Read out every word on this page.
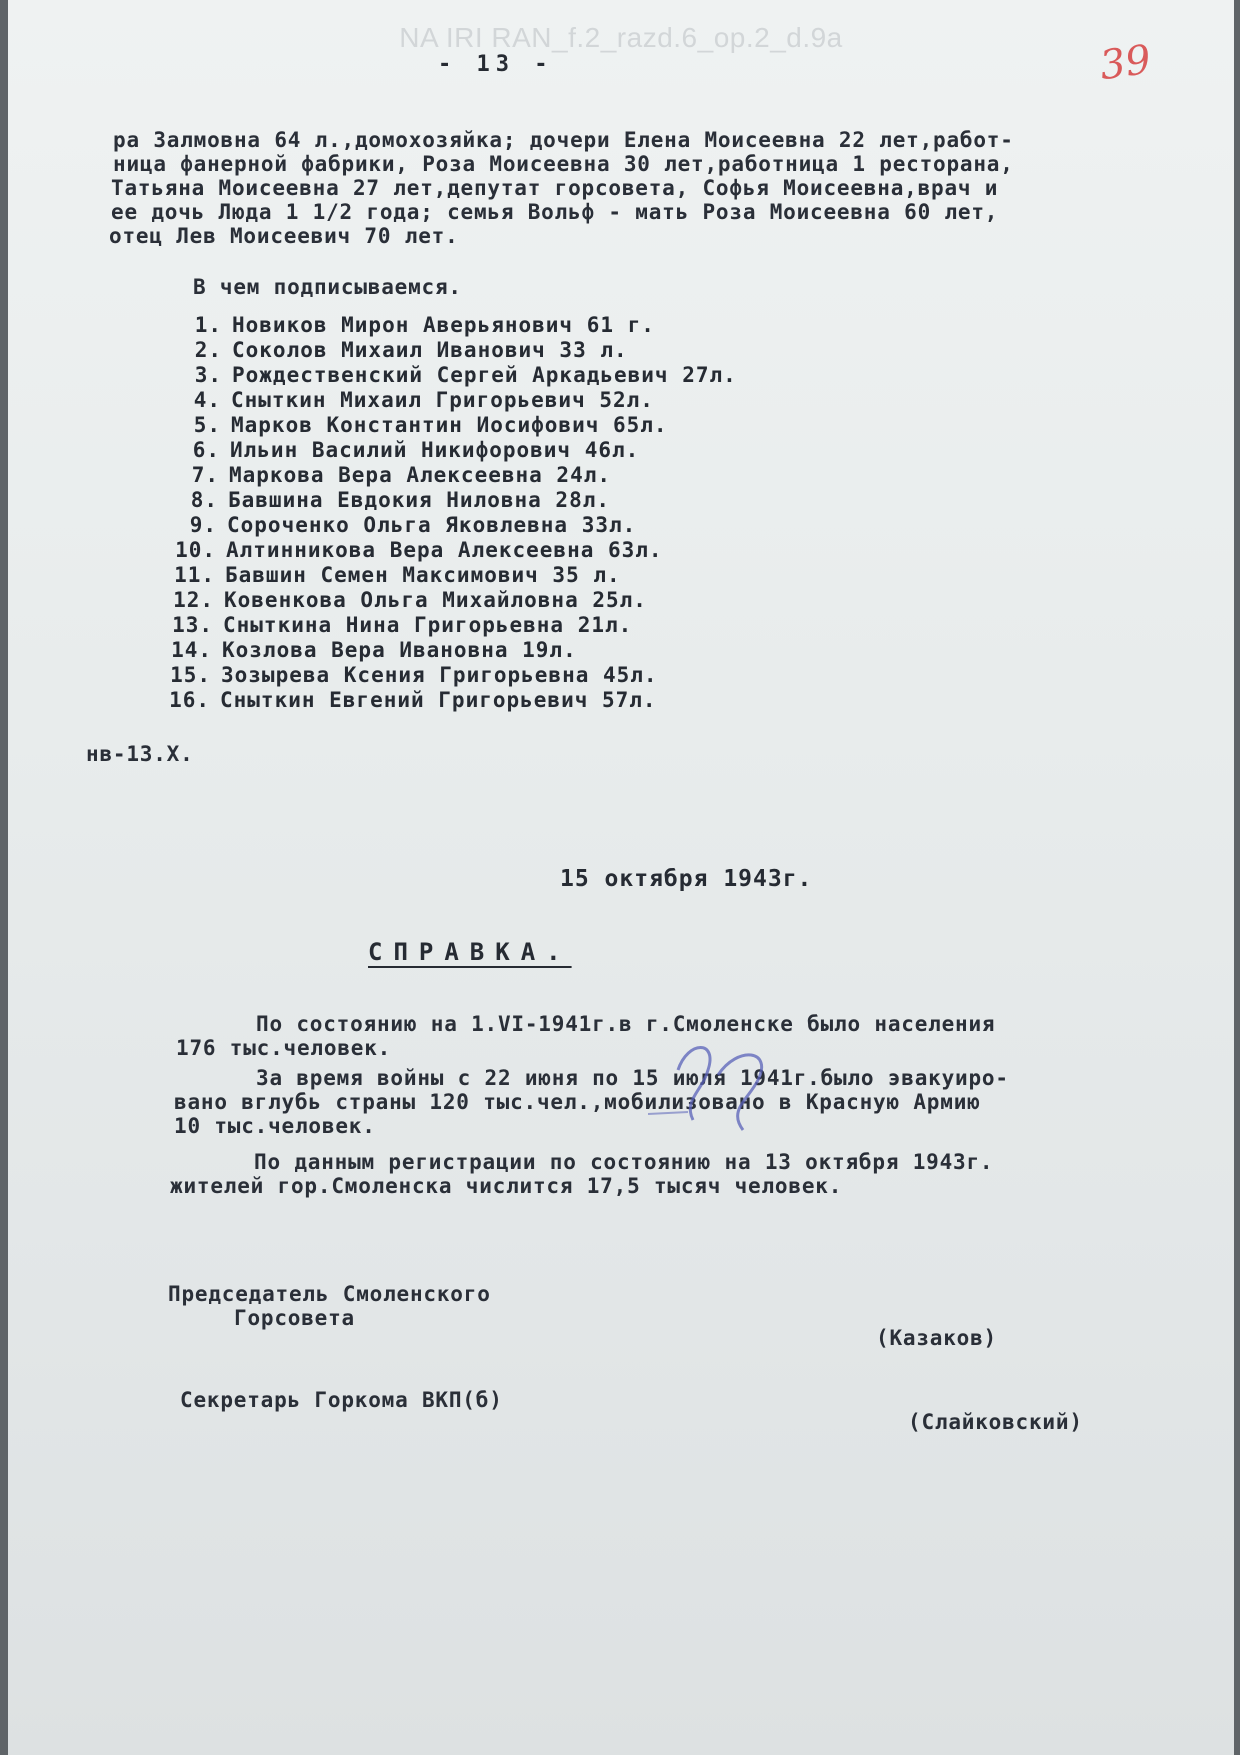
NA IRI RAN_f.2_razd.6_op.2_d.9a
- 13 -	39
ра Залмовна 64 л.,домохозяйка; дочери Елена Моисеевна 22 лет,работ-
ница фанерной фабрики, Роза Моисеевна 30 лет,работница 1 ресторана,
Татьяна Моисеевна 27 лет,депутат горсовета, Софья Моисеевна,врач и
ее дочь Люда 1 1/2 года; семья Вольф - мать Роза Моисеевна 60 лет,
отец Лев Моисеевич 70 лет.
В чем подписываемся.
1. Новиков Мирон Аверьянович 61 г.
2. Соколов Михаил Иванович 33 л.
3. Рождественский Сергей Аркадьевич 27л.
4. Сныткин Михаил Григорьевич 52л.
5. Марков Константин Иосифович 65л.
6. Ильин Василий Никифорович 46л.
7. Маркова Вера Алексеевна 24л.
8. Бавшина Евдокия Ниловна 28л.
9. Сороченко Ольга Яковлевна 33л.
10. Алтинникова Вера Алексеевна 63л.
11. Бавшин Семен Максимович 35 л.
12. Ковенкова Ольга Михайловна 25л.
13. Сныткина Нина Григорьевна 21л.
14. Козлова Вера Ивановна 19л.
15. Зозырева Ксения Григорьевна 45л.
16. Сныткин Евгений Григорьевич 57л.
нв-13.Х.
15 октября 1943г.
СПРАВКА.
По состоянию на 1.VI-1941г.в г.Смоленске было населения
176 тыс.человек.
За время войны с 22 июня по 15 июля 1941г.было эвакуиро-
вано вглубь страны 120 тыс.чел.,мобилизовано в Красную Армию
10 тыс.человек.
По данным регистрации по состоянию на 13 октября 1943г.
жителей гор.Смоленска числится 17,5 тысяч человек.
Председатель Смоленского
Горсовета
(Казаков)
Секретарь Горкома ВКП(б)
(Слайковский)
